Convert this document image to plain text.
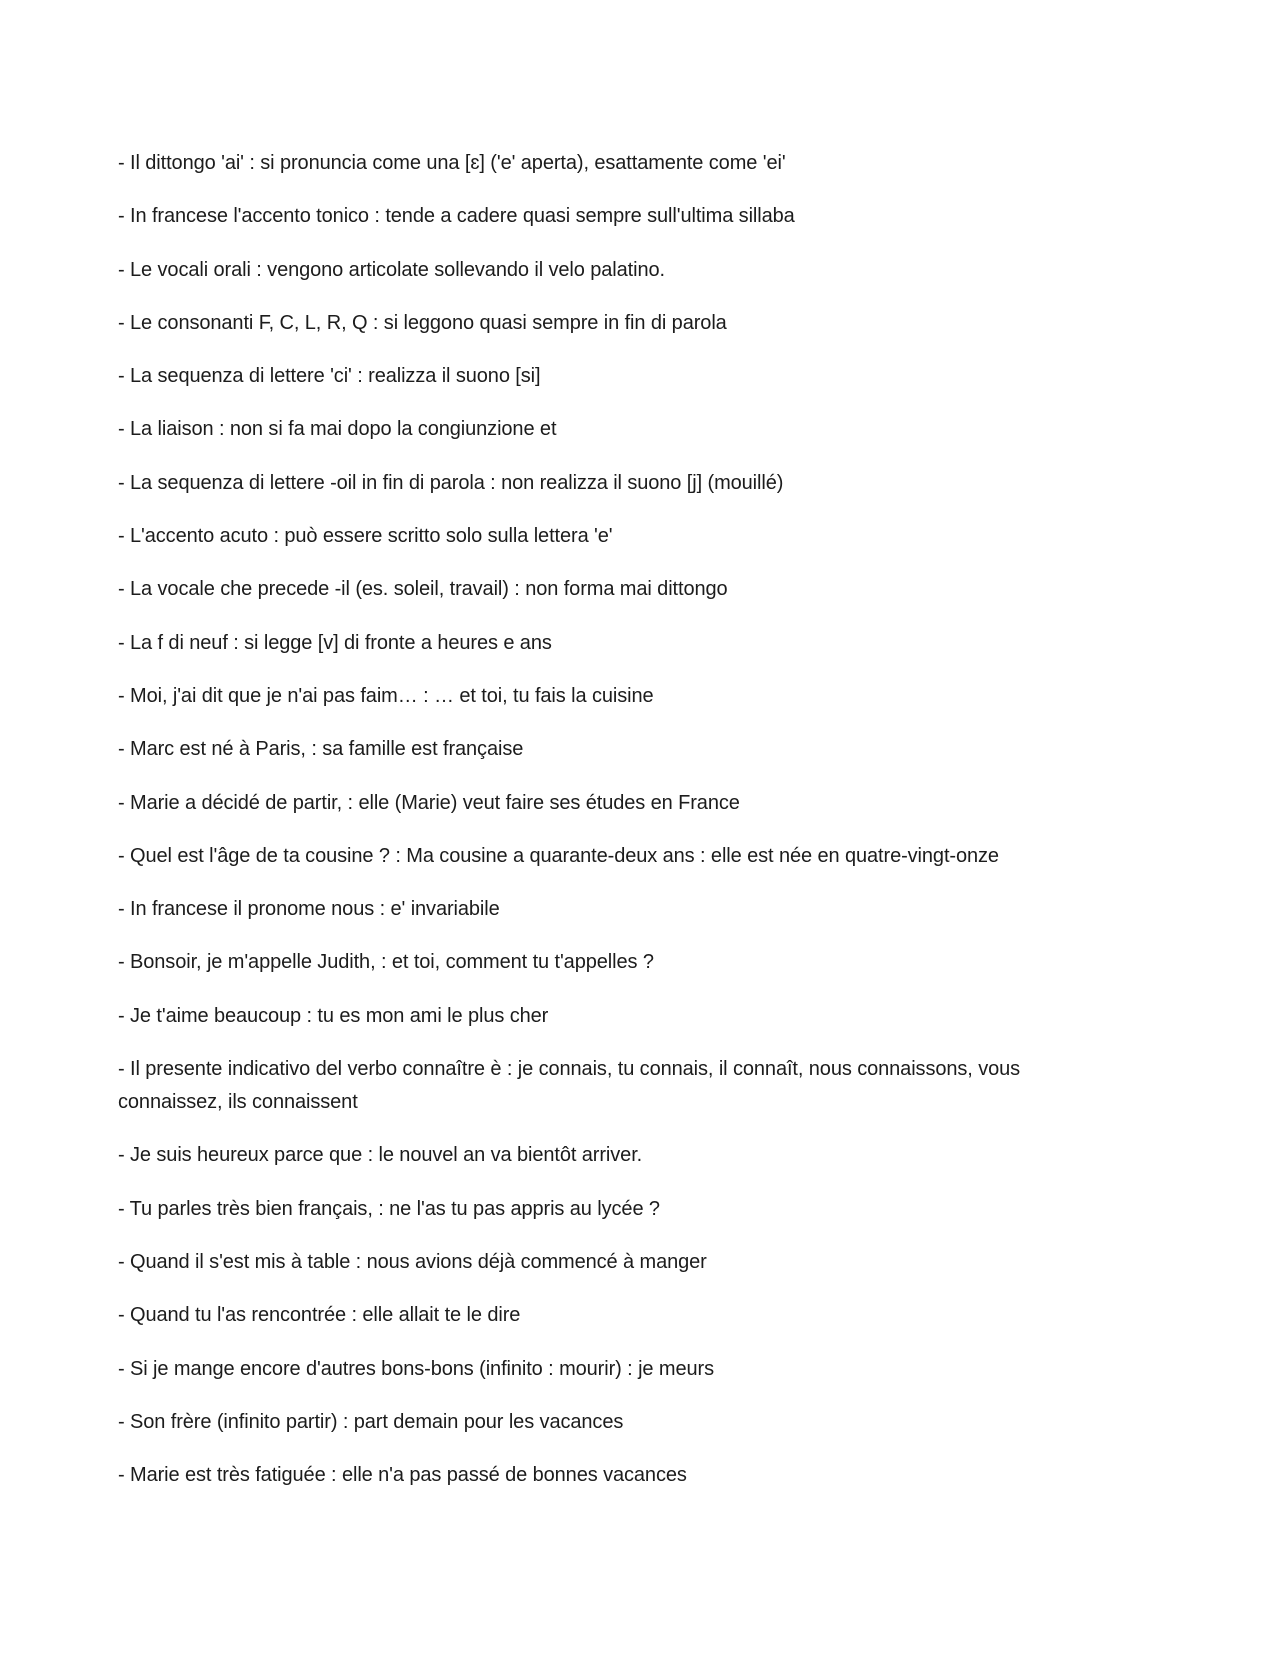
- Il dittongo 'ai' : si pronuncia come una [ɛ] ('e' aperta), esattamente come 'ei'
- In francese l'accento tonico : tende a cadere quasi sempre sull'ultima sillaba
- Le vocali orali : vengono articolate sollevando il velo palatino.
- Le consonanti F, C, L, R, Q : si leggono quasi sempre in fin di parola
- La sequenza di lettere 'ci' : realizza il suono [si]
- La liaison : non si fa mai dopo la congiunzione et
- La sequenza di lettere -oil in fin di parola : non realizza il suono [j] (mouillé)
- L'accento acuto : può essere scritto solo sulla lettera 'e'
- La vocale che precede -il (es. soleil, travail) : non forma mai dittongo
- La f di neuf : si legge [v] di fronte a heures e ans
- Moi, j'ai dit que je n'ai pas faim… : … et toi, tu fais la cuisine
- Marc est né à Paris, : sa famille est française
- Marie a décidé de partir, : elle (Marie) veut faire ses études en France
- Quel est l'âge de ta cousine ? : Ma cousine a quarante-deux ans : elle est née en quatre-vingt-onze
- In francese il pronome nous : e' invariabile
- Bonsoir, je m'appelle Judith, : et toi, comment tu t'appelles ?
- Je t'aime beaucoup : tu es mon ami le plus cher
- Il presente indicativo del verbo connaître è : je connais, tu connais, il connaît, nous connaissons, vous connaissez, ils connaissent
- Je suis heureux parce que : le nouvel an va bientôt arriver.
- Tu parles très bien français, : ne l'as tu pas appris au lycée ?
- Quand il s'est mis à table : nous avions déjà commencé à manger
- Quand tu l'as rencontrée : elle allait te le dire
- Si je mange encore d'autres bons-bons (infinito : mourir) : je meurs
- Son frère (infinito partir) : part demain pour les vacances
- Marie est très fatiguée : elle n'a pas passé de bonnes vacances
